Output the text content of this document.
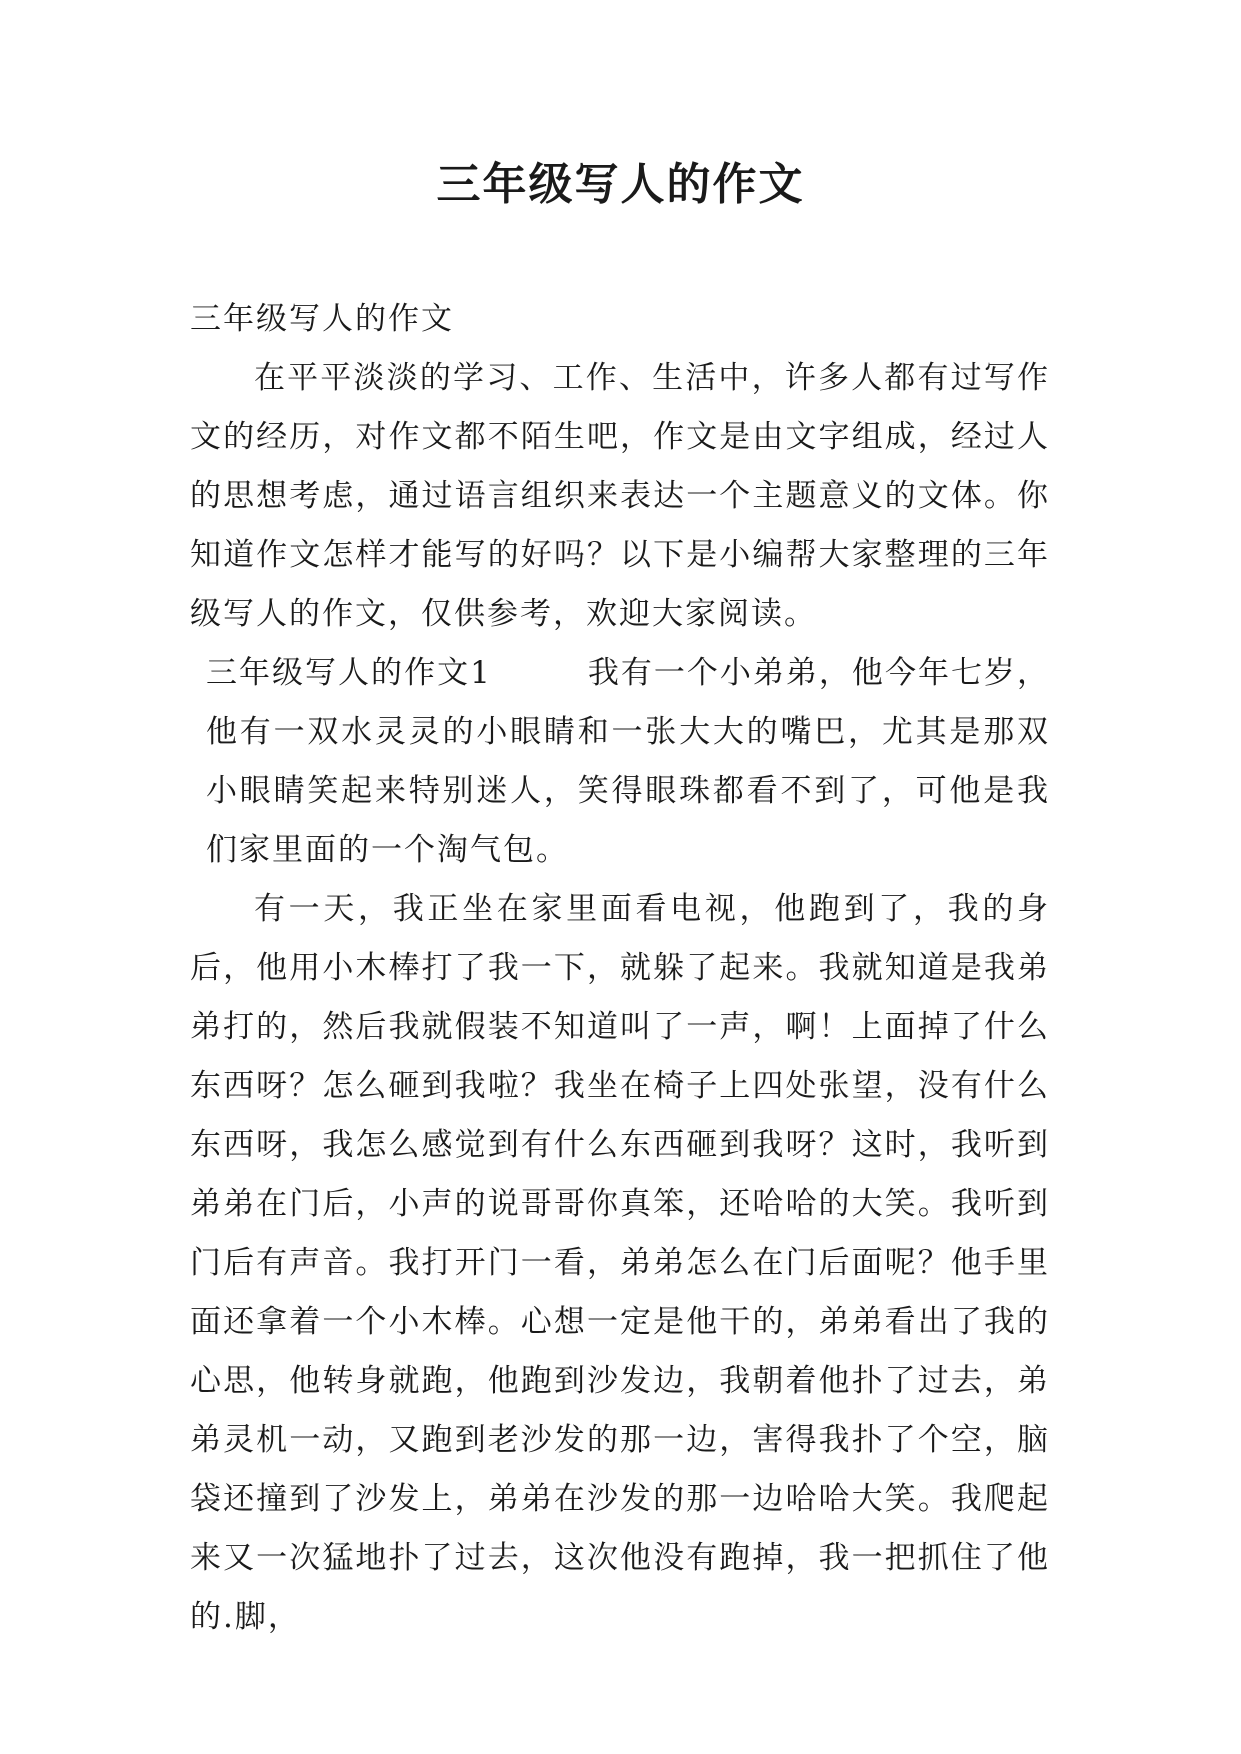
三年级写人的作文

三年级写人的作文

在平平淡淡的学习、工作、生活中，许多人都有过写作文的经历，对作文都不陌生吧，作文是由文字组成，经过人的思想考虑，通过语言组织来表达一个主题意义的文体。你知道作文怎样才能写的好吗？以下是小编帮大家整理的三年级写人的作文，仅供参考，欢迎大家阅读。

三年级写人的作文1	我有一个小弟弟，他今年七岁，他有一双水灵灵的小眼睛和一张大大的嘴巴，尤其是那双小眼睛笑起来特别迷人，笑得眼珠都看不到了，可他是我们家里面的一个淘气包。

有一天，我正坐在家里面看电视，他跑到了，我的身后，他用小木棒打了我一下，就躲了起来。我就知道是我弟弟打的，然后我就假装不知道叫了一声，啊！上面掉了什么东西呀？怎么砸到我啦？我坐在椅子上四处张望，没有什么东西呀，我怎么感觉到有什么东西砸到我呀？这时，我听到弟弟在门后，小声的说哥哥你真笨，还哈哈的大笑。我听到门后有声音。我打开门一看，弟弟怎么在门后面呢？他手里面还拿着一个小木棒。心想一定是他干的，弟弟看出了我的心思，他转身就跑，他跑到沙发边，我朝着他扑了过去，弟弟灵机一动，又跑到老沙发的那一边，害得我扑了个空，脑袋还撞到了沙发上，弟弟在沙发的那一边哈哈大笑。我爬起来又一次猛地扑了过去，这次他没有跑掉，我一把抓住了他的.脚，
